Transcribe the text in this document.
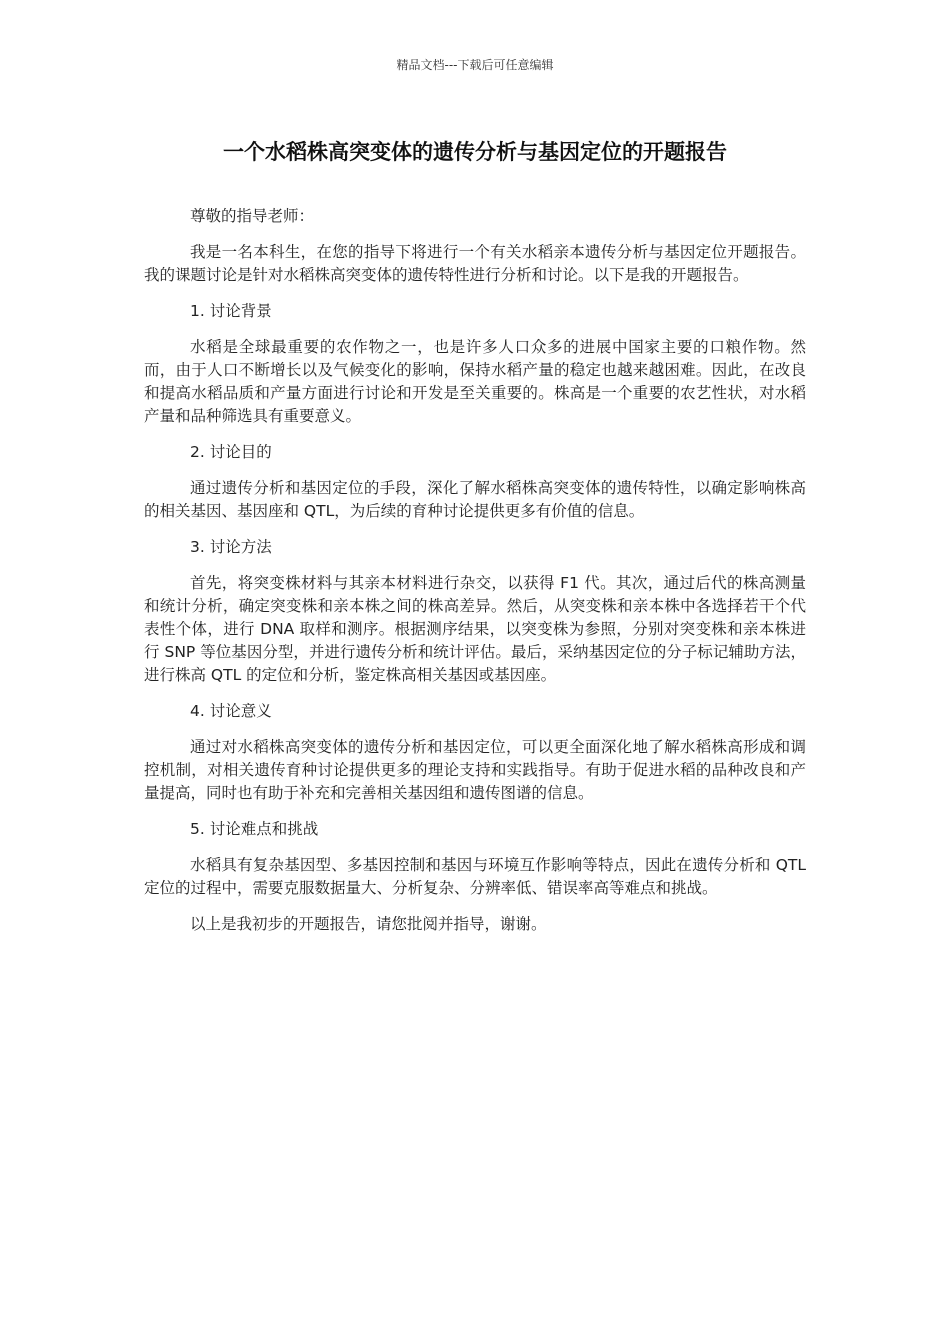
精品文档---下载后可任意编辑
一个水稻株高突变体的遗传分析与基因定位的开题报告

尊敬的指导老师：

我是一名本科生，在您的指导下将进行一个有关水稻亲本遗传分析与基因定位开题报告。我的课题讨论是针对水稻株高突变体的遗传特性进行分析和讨论。以下是我的开题报告。

1. 讨论背景

水稻是全球最重要的农作物之一，也是许多人口众多的进展中国家主要的口粮作物。然而，由于人口不断增长以及气候变化的影响，保持水稻产量的稳定也越来越困难。因此，在改良和提高水稻品质和产量方面进行讨论和开发是至关重要的。株高是一个重要的农艺性状，对水稻产量和品种筛选具有重要意义。

2. 讨论目的

通过遗传分析和基因定位的手段，深化了解水稻株高突变体的遗传特性，以确定影响株高的相关基因、基因座和 QTL，为后续的育种讨论提供更多有价值的信息。

3. 讨论方法

首先，将突变株材料与其亲本材料进行杂交，以获得 F1 代。其次，通过后代的株高测量和统计分析，确定突变株和亲本株之间的株高差异。然后，从突变株和亲本株中各选择若干个代表性个体，进行 DNA 取样和测序。根据测序结果，以突变株为参照，分别对突变株和亲本株进行 SNP 等位基因分型，并进行遗传分析和统计评估。最后，采纳基因定位的分子标记辅助方法，进行株高 QTL 的定位和分析，鉴定株高相关基因或基因座。

4. 讨论意义

通过对水稻株高突变体的遗传分析和基因定位，可以更全面深化地了解水稻株高形成和调控机制，对相关遗传育种讨论提供更多的理论支持和实践指导。有助于促进水稻的品种改良和产量提高，同时也有助于补充和完善相关基因组和遗传图谱的信息。

5. 讨论难点和挑战

水稻具有复杂基因型、多基因控制和基因与环境互作影响等特点，因此在遗传分析和 QTL 定位的过程中，需要克服数据量大、分析复杂、分辨率低、错误率高等难点和挑战。

以上是我初步的开题报告，请您批阅并指导，谢谢。
